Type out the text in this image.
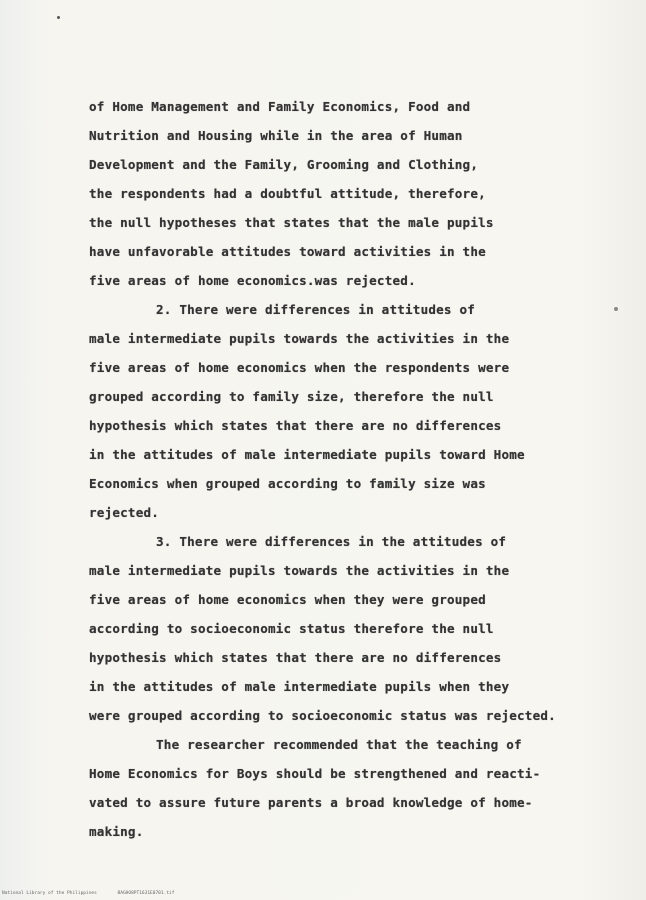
of Home Management and Family Economics, Food and
Nutrition and Housing while in the area of Human
Development and the Family, Grooming and Clothing,
the respondents had a doubtful attitude, therefore,
the null hypotheses that states that the male pupils
have unfavorable attitudes toward activities in the
five areas of home economics.was rejected.
2. There were differences in attitudes of
male intermediate pupils towards the activities in the
five areas of home economics when the respondents were
grouped according to family size, therefore the null
hypothesis which states that there are no differences
in the attitudes of male intermediate pupils toward Home
Economics when grouped according to family size was
rejected.
3. There were differences in the attitudes of
male intermediate pupils towards the activities in the
five areas of home economics when they were grouped
according to socioeconomic status therefore the null
hypothesis which states that there are no differences
in the attitudes of male intermediate pupils when they
were grouped according to socioeconomic status was rejected.
The researcher recommended that the teaching of
Home Economics for Boys should be strengthened and reacti-
vated to assure future parents a broad knowledge of home-
making.
National Library of the Philippines	BAGHO8PT1631E0701.tif
